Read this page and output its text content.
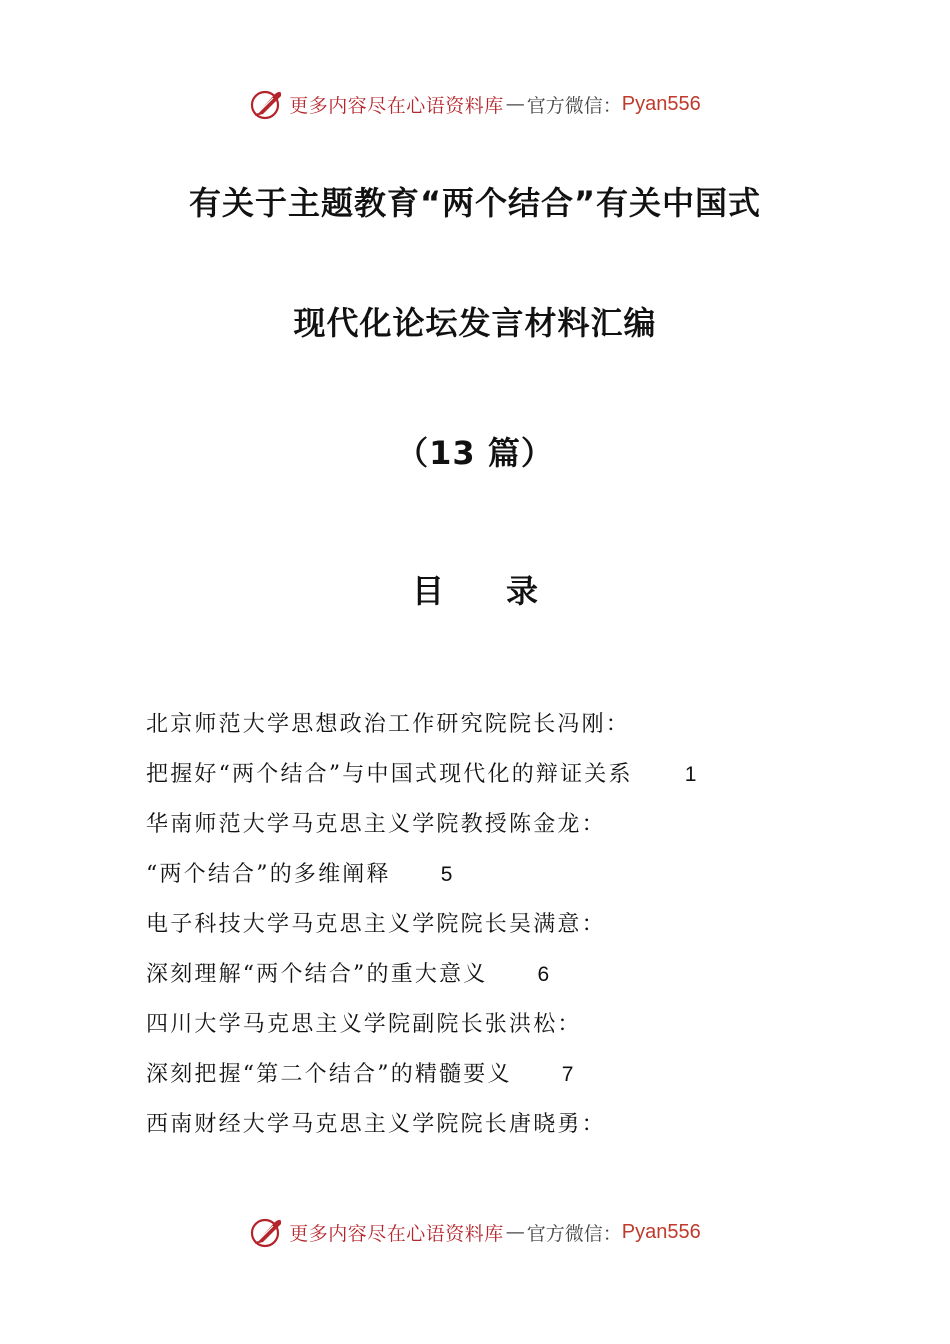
更多内容尽在心语资料库 — 官方微信： Pyan556
有关于主题教育“两个结合”有关中国式
现代化论坛发言材料汇编
（13 篇）
目 录
北京师范大学思想政治工作研究院院长冯刚：
把握好“两个结合”与中国式现代化的辩证关系 1
华南师范大学马克思主义学院教授陈金龙：
“两个结合”的多维阐释 5
电子科技大学马克思主义学院院长吴满意：
深刻理解“两个结合”的重大意义 6
四川大学马克思主义学院副院长张洪松：
深刻把握“第二个结合”的精髓要义 7
西南财经大学马克思主义学院院长唐晓勇：
更多内容尽在心语资料库 — 官方微信： Pyan556
